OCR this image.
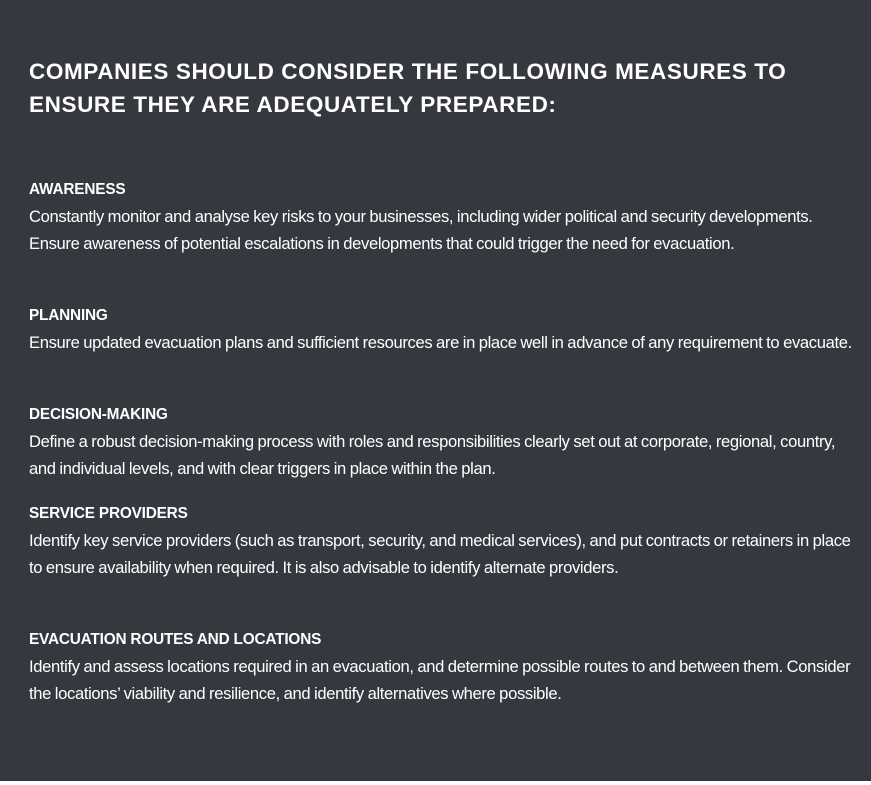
COMPANIES SHOULD CONSIDER THE FOLLOWING MEASURES TO ENSURE THEY ARE ADEQUATELY PREPARED:

AWARENESS

Constantly monitor and analyse key risks to your businesses, including wider political and security developments. Ensure awareness of potential escalations in developments that could trigger the need for evacuation.

PLANNING

Ensure updated evacuation plans and sufficient resources are in place well in advance of any requirement to evacuate.

DECISION-MAKING

Define a robust decision-making process with roles and responsibilities clearly set out at corporate, regional, country, and individual levels, and with clear triggers in place within the plan.

SERVICE PROVIDERS

Identify key service providers (such as transport, security, and medical services), and put contracts or retainers in place to ensure availability when required. It is also advisable to identify alternate providers.

EVACUATION ROUTES AND LOCATIONS

Identify and assess locations required in an evacuation, and determine possible routes to and between them. Consider the locations’ viability and resilience, and identify alternatives where possible.
